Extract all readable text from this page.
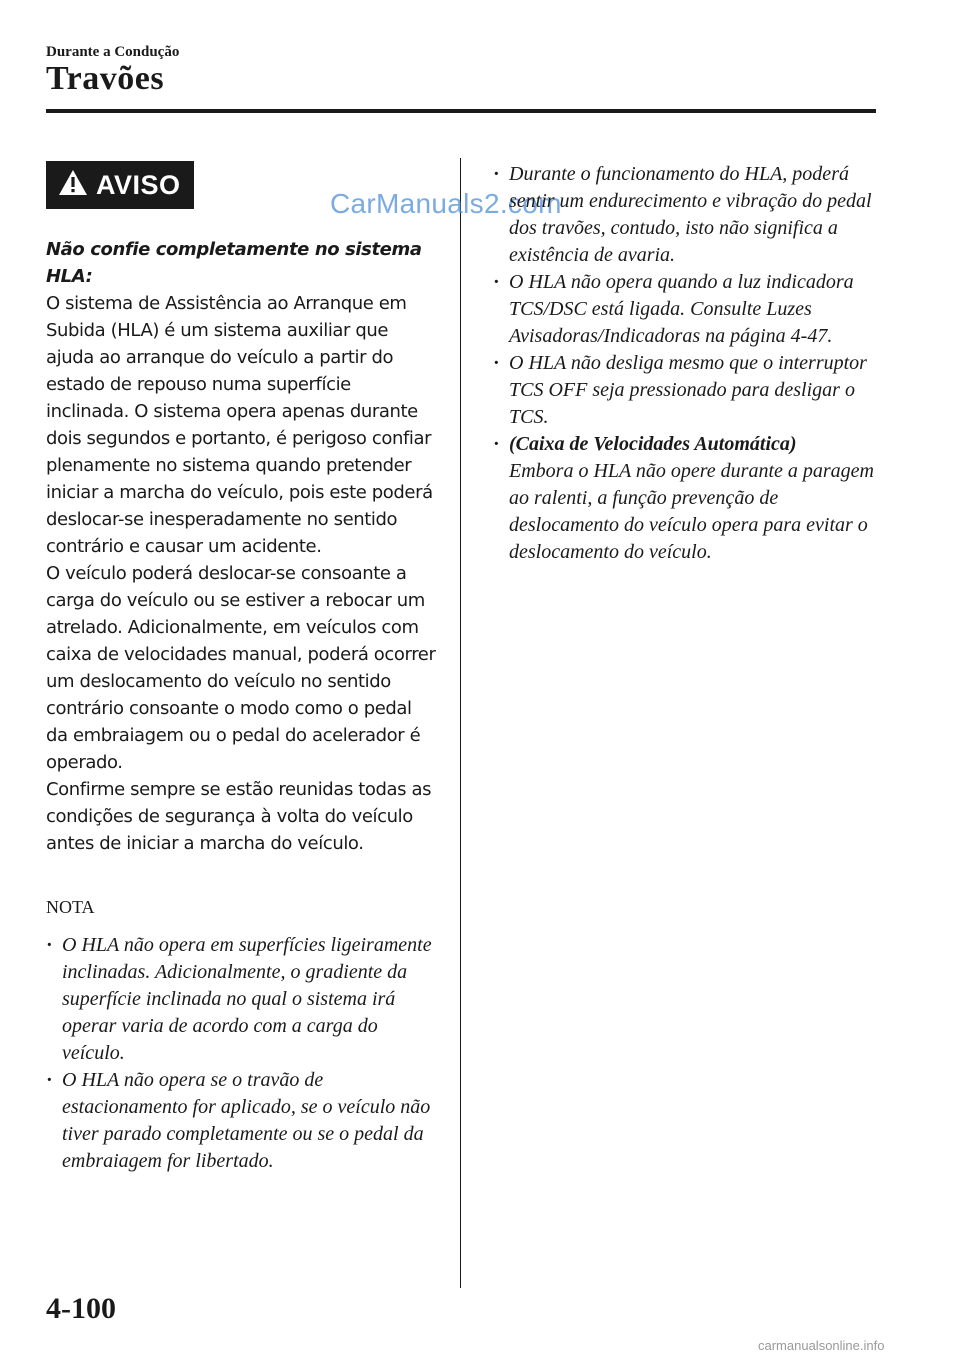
Durante a Condução
Travões
AVISO
CarManuals2.com

Não confie completamente no sistema HLA:

O sistema de Assistência ao Arranque em Subida (HLA) é um sistema auxiliar que ajuda ao arranque do veículo a partir do estado de repouso numa superfície inclinada. O sistema opera apenas durante dois segundos e portanto, é perigoso confiar plenamente no sistema quando pretender iniciar a marcha do veículo, pois este poderá deslocar-se inesperadamente no sentido contrário e causar um acidente.

O veículo poderá deslocar-se consoante a carga do veículo ou se estiver a rebocar um atrelado. Adicionalmente, em veículos com caixa de velocidades manual, poderá ocorrer um deslocamento do veículo no sentido contrário consoante o modo como o pedal da embraiagem ou o pedal do acelerador é operado.

Confirme sempre se estão reunidas todas as condições de segurança à volta do veículo antes de iniciar a marcha do veículo.

NOTA
· O HLA não opera em superfícies ligeiramente inclinadas. Adicionalmente, o gradiente da superfície inclinada no qual o sistema irá operar varia de acordo com a carga do veículo.
· O HLA não opera se o travão de estacionamento for aplicado, se o veículo não tiver parado completamente ou se o pedal da embraiagem for libertado.
· Durante o funcionamento do HLA, poderá sentir um endurecimento e vibração do pedal dos travões, contudo, isto não significa a existência de avaria.
· O HLA não opera quando a luz indicadora TCS/DSC está ligada. Consulte Luzes Avisadoras/Indicadoras na página 4-47.
· O HLA não desliga mesmo que o interruptor TCS OFF seja pressionado para desligar o TCS.
· (Caixa de Velocidades Automática)
Embora o HLA não opere durante a paragem ao ralenti, a função prevenção de deslocamento do veículo opera para evitar o deslocamento do veículo.
4-100
carmanualsonline.info
